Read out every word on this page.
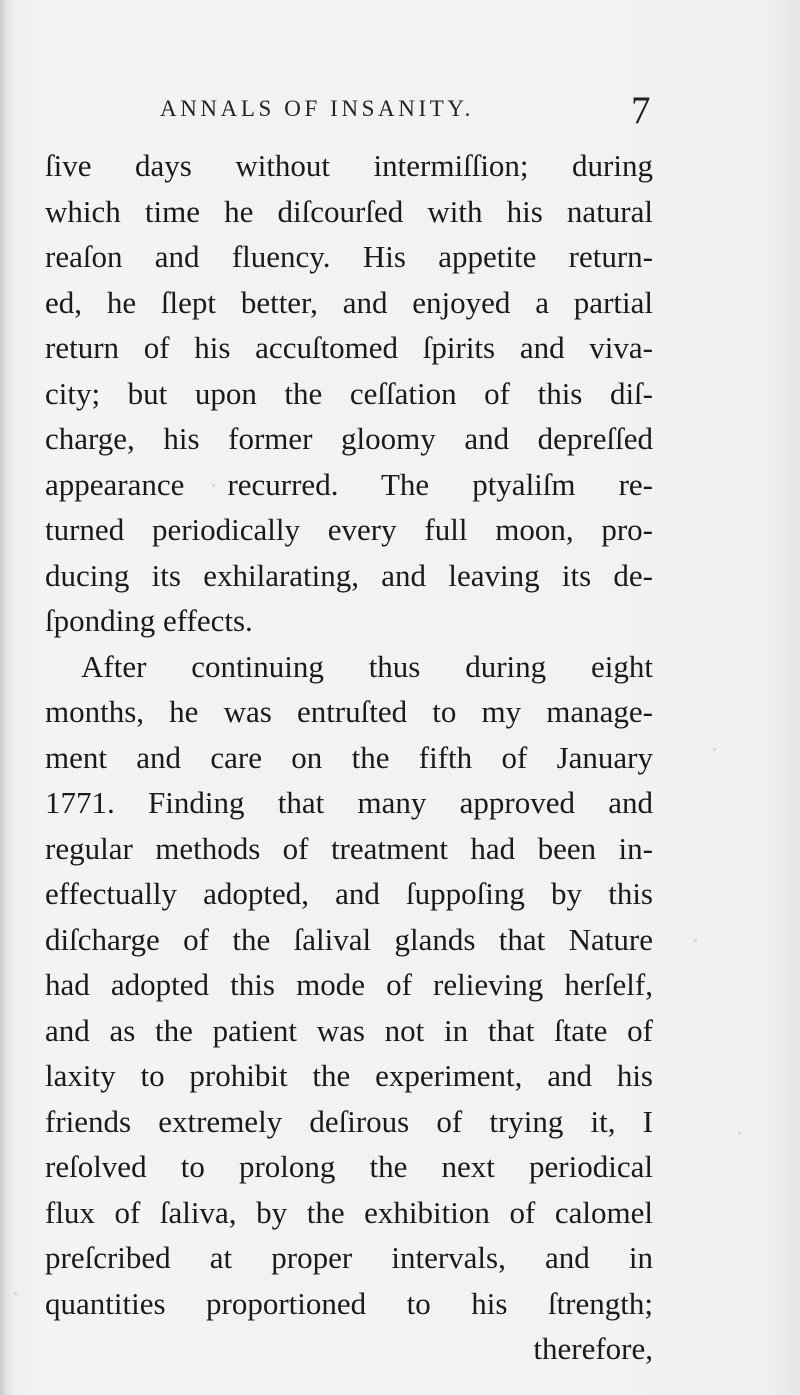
ANNALS OF INSANITY.	7
ſive days without intermiſſion; during
which time he diſcourſed with his natural
reaſon and fluency. His appetite return-
ed, he ſlept better, and enjoyed a partial
return of his accuſtomed ſpirits and viva-
city; but upon the ceſſation of this diſ-
charge, his former gloomy and depreſſed
appearance recurred. The ptyaliſm re-
turned periodically every full moon, pro-
ducing its exhilarating, and leaving its de-
ſponding effects.
After continuing thus during eight
months, he was entruſted to my manage-
ment and care on the fifth of January
1771. Finding that many approved and
regular methods of treatment had been in-
effectually adopted, and ſuppoſing by this
diſcharge of the ſalival glands that Nature
had adopted this mode of relieving herſelf,
and as the patient was not in that ſtate of
laxity to prohibit the experiment, and his
friends extremely deſirous of trying it, I
reſolved to prolong the next periodical
flux of ſaliva, by the exhibition of calomel
preſcribed at proper intervals, and in
quantities proportioned to his ſtrength;
therefore,
